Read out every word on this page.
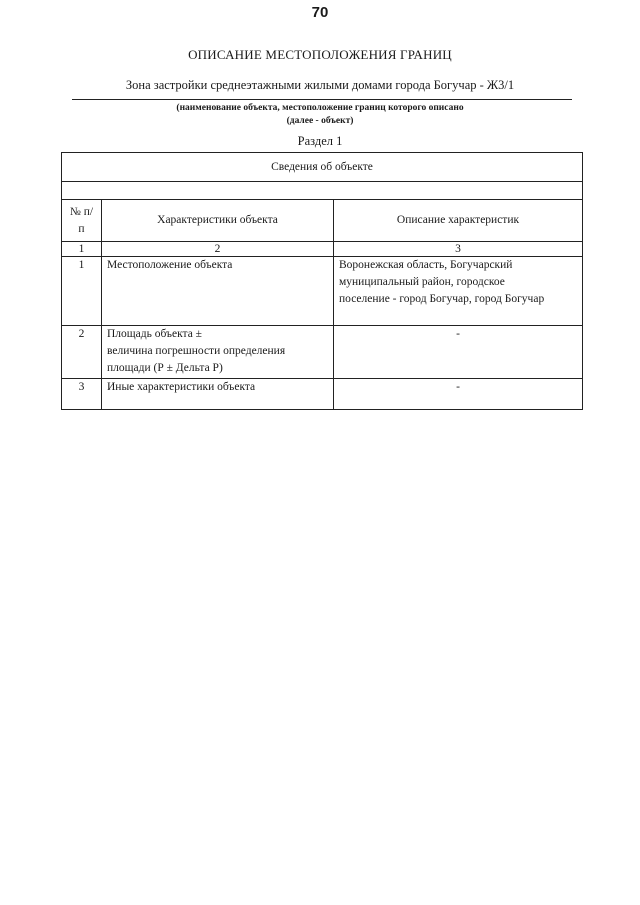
70
ОПИСАНИЕ МЕСТОПОЛОЖЕНИЯ ГРАНИЦ
Зона застройки среднеэтажными жилыми домами города Богучар - Ж3/1
(наименование объекта, местоположение границ которого описано
(далее - объект)
Раздел 1
Сведения об объекте		

№ п/п	Характеристики объекта	Описание характеристик
1	2	3
1	Местоположение объекта	Воронежская область, Богучарский
муниципальный район, городское
поселение - город Богучар, город Богучар

2	Площадь объекта ±
величина погрешности определения
площади (Р ± Дельта Р)	-
3	Иные характеристики объекта	-
